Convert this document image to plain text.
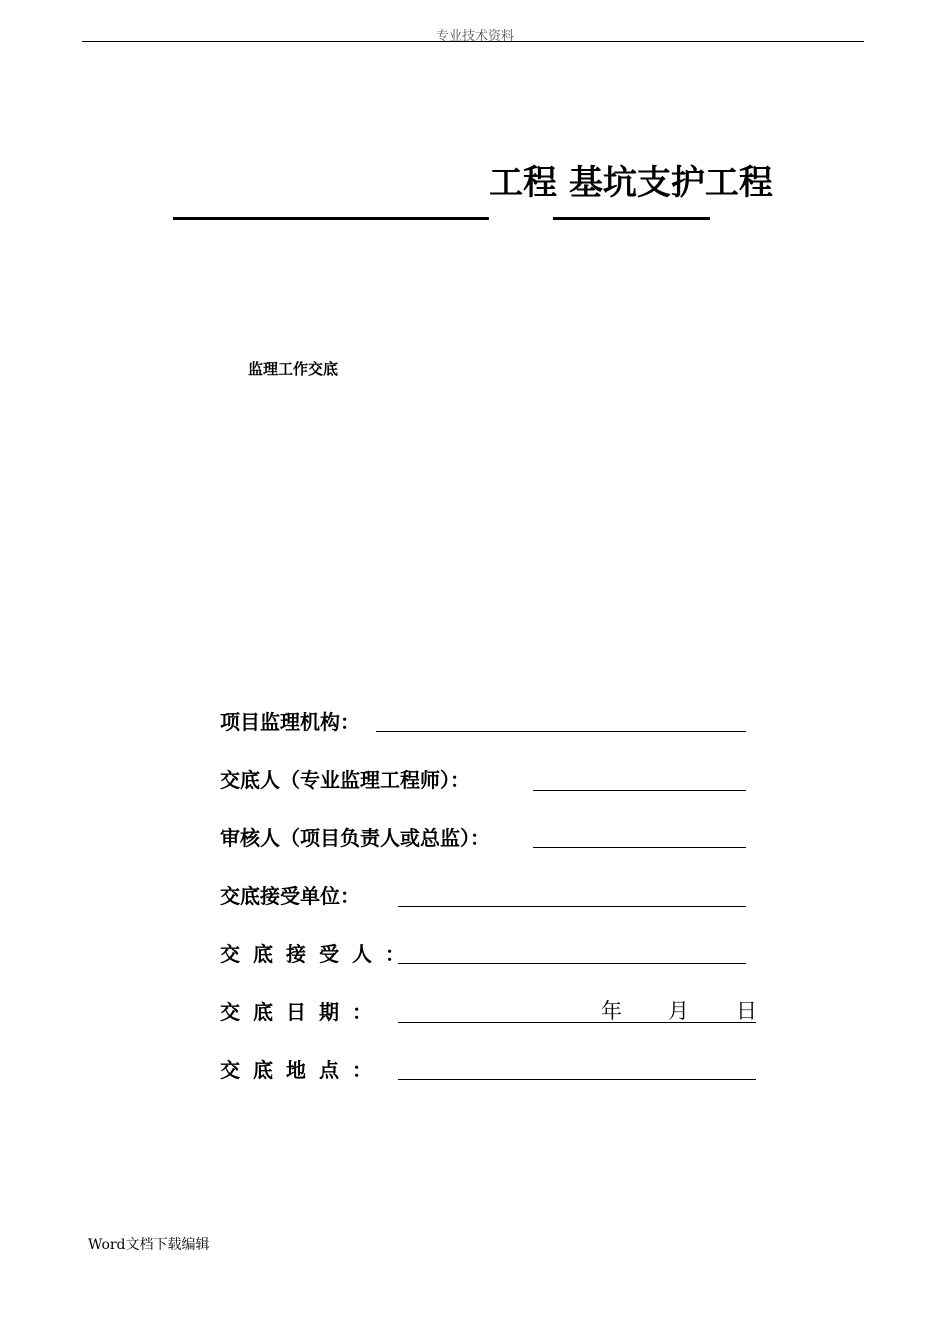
专业技术资料
工程 基坑支护工程
监理工作交底
项目监理机构：
交底人（专业监理工程师）：
审核人（项目负责人或总监）：
交底接受单位：
交底接受人：
交底日期：	年 月 日
交底地点：
Word文档下载编辑
